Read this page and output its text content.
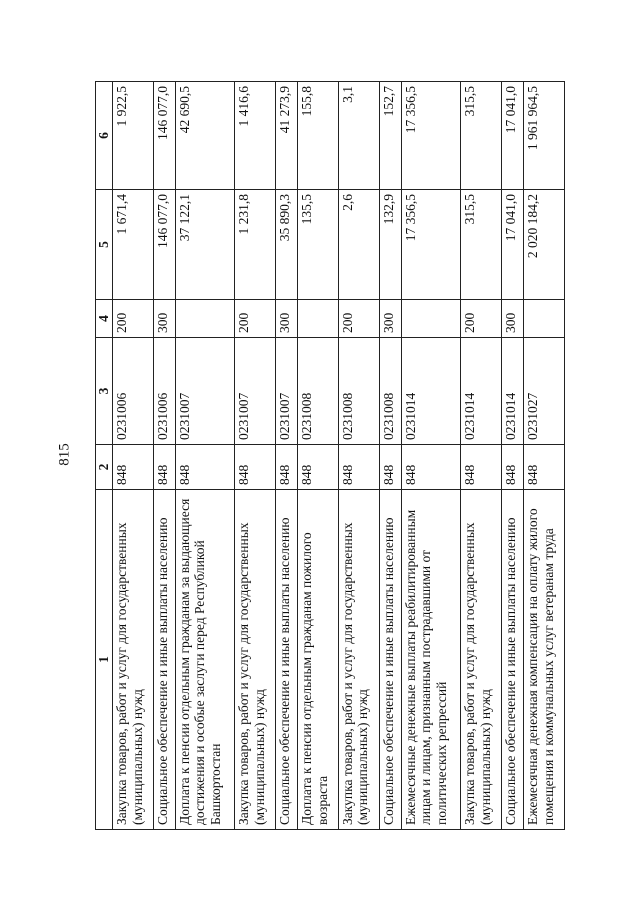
815
1	2	3	4	5	6
Закупка товаров, работ и услуг для государственных (муниципальных) нужд	848	0231006	200	1 671,4	1 922,5
Социальное обеспечение и иные выплаты населению	848	0231006	300	146 077,0	146 077,0
Доплата к пенсии отдельным гражданам за выдающиеся достижения и особые заслуги перед Республикой Башкортостан	848	0231007		37 122,1	42 690,5
Закупка товаров, работ и услуг для государственных (муниципальных) нужд	848	0231007	200	1 231,8	1 416,6
Социальное обеспечение и иные выплаты населению	848	0231007	300	35 890,3	41 273,9
Доплата к пенсии отдельным гражданам пожилого возраста	848	0231008		135,5	155,8
Закупка товаров, работ и услуг для государственных (муниципальных) нужд	848	0231008	200	2,6	3,1
Социальное обеспечение и иные выплаты населению	848	0231008	300	132,9	152,7
Ежемесячные денежные выплаты реабилитированным лицам и лицам, признанным пострадавшими от политических репрессий	848	0231014		17 356,5	17 356,5
Закупка товаров, работ и услуг для государственных (муниципальных) нужд	848	0231014	200	315,5	315,5
Социальное обеспечение и иные выплаты населению	848	0231014	300	17 041,0	17 041,0
Ежемесячная денежная компенсация на оплату жилого помещения и коммунальных услуг ветеранам труда	848	0231027		2 020 184,2	1 961 964,5
